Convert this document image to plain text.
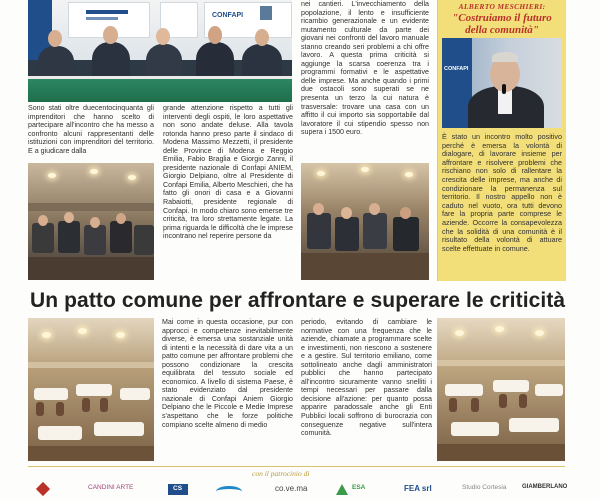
CONFAPI
Sono stati oltre duecentocinquanta gli imprenditori che hanno scelto di partecipare all'incontro che ha messo a confronto alcuni rappresentanti delle istituzioni con imprenditori del territorio. E a giudicare dalla
grande attenzione rispetto a tutti gli interventi degli ospiti, le loro aspettative non sono andate deluse. Alla tavola rotonda hanno preso parte il sindaco di Modena Massimo Mezzetti, il presidente delle Province di Modena e Reggio Emilia, Fabio Braglia e Giorgio Zanni, il presidente nazionale di Confapi ANIEM, Giorgio Delpiano, oltre al Presidente di Confapi Emilia, Alberto Meschieri, che ha fatto gli onori di casa e a Giovanni Rabaiotti, presidente regionale di Confapi. In modo chiaro sono emerse tre criticità, tra loro strettamente legate. La prima riguarda le difficoltà che le imprese incontrano nel reperire persone da
nei cantieri. L'invecchiamento della popolazione, il lento e insufficiente ricambio generazionale e un evidente mutamento culturale da parte dei giovani nei confronti del lavoro manuale stanno creando seri problemi a chi offre lavoro. A questa prima criticità si aggiunge la scarsa coerenza tra i programmi formativi e le aspettative delle imprese. Ma anche quando i primi due ostacoli sono superati se ne presenta un terzo la cui natura è trasversale: trovare una casa con un affitto il cui importo sia sopportabile dal lavoratore il cui stipendio spesso non supera i 1500 euro.
ALBERTO MESCHIERI:
"Costruiamo il futuro della comunità"
CONFAPI
È stato un incontro molto positivo perché è emersa la volontà di dialogare, di lavorare insieme per affrontare e risolvere problemi che rischiano non solo di rallentare la crescita delle imprese, ma anche di condizionare la permanenza sul territorio. Il nostro appello non è caduto nel vuoto, ora tutti devono fare la propria parte comprese le aziende. Occorre la consapevolezza che la solidità di una comunità è il risultato della volontà di attuare scelte effettuate in comune.
Un patto comune per affrontare e superare le criticità
Mai come in questa occasione, pur con approcci e competenze inevitabilmente diverse, è emersa una sostanziale unità di intenti e la necessità di dare vita a un patto comune per affrontare problemi che possono condizionare la crescita equilibrata del tessuto sociale ed economico. A livello di sistema Paese, è stato evidenziato dal presidente nazionale di Confapi Aniem Giorgio Delpiano che le Piccole e Medie Imprese s'aspettano che le forze politiche compiano scelte almeno di medio
periodo, evitando di cambiare le normative con una frequenza che le aziende, chiamate a programmare scelte e investimenti, non riescono a sostenere e a gestire. Sul territorio emiliano, come sottolineato anche dagli amministratori pubblici che hanno partecipato all'incontro sicuramente vanno snelliti i tempi necessari per passare dalla decisione all'azione: per quanto possa apparire paradossale anche gli Enti Pubblici locali soffrono di burocrazia con conseguenze negative sull'intera comunità.
con il patrocinio di
CANDINI ARTE	CS	co.ve.ma	ESA	FEA srl	Studio Cortesia	GIAMBERLANO
